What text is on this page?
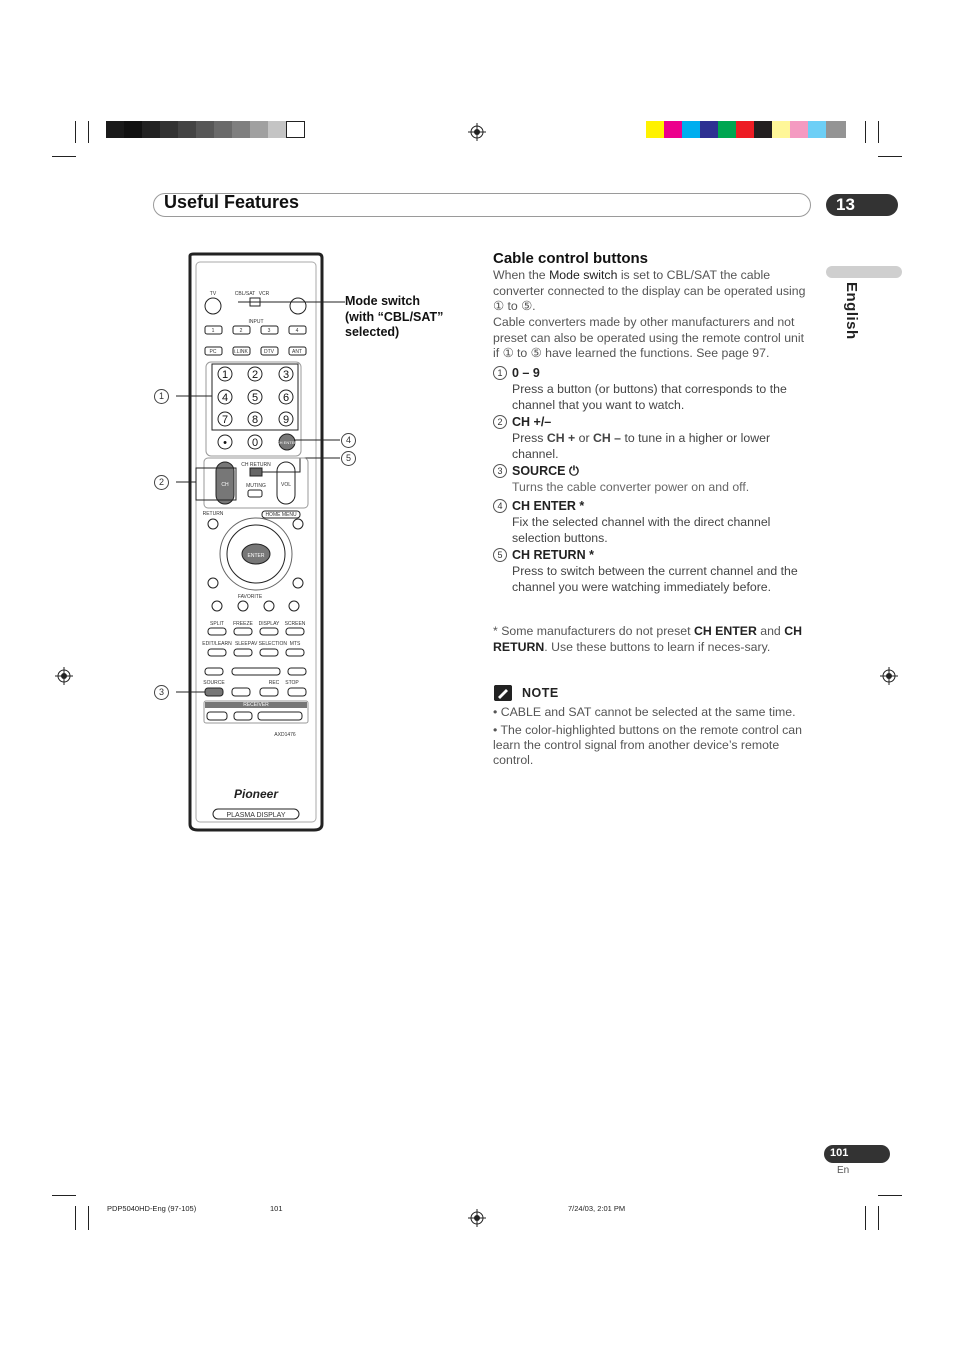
Useful Features	13
English
1 2 3
4 5 6
7 8 9
• 0
TV	CBL/SAT VCR
INPUT
1	2	3	4
PC	i.LINK	DTV	ANT
CH ENTER
CH RETURN
CH	VOL
MUTING
RETURN	HOME MENU
ENTER
FAVORITE
SPLIT FREEZE DISPLAY SCREEN
EDIT/LEARN SLEEP AV SELECTION MTS
SOURCE	REC STOP
RECEIVER
AXD1476
Pioneer
PLASMA DISPLAY
Mode switch
(with “CBL/SAT”
selected)
1
2
3
4
5
Cable control buttons
When the Mode switch is set to CBL/SAT the cable converter connected to the display can be operated using ① to ⑤.
Cable converters made by other manufacturers and not preset can also be operated using the remote control unit if ① to ⑤ have learned the functions. See page 97.
1 0 – 9
Press a button (or buttons) that corresponds to the channel that you want to watch.
2 CH +/–
Press CH + or CH – to tune in a higher or lower channel.
3 SOURCE ⏻
Turns the cable converter power on and off.
4 CH ENTER *
Fix the selected channel with the direct channel selection buttons.
5 CH RETURN *
Press to switch between the current channel and the channel you were watching immediately before.
* Some manufacturers do not preset CH ENTER and CH RETURN. Use these buttons to learn if neces-sary.
NOTE
• CABLE and SAT cannot be selected at the same time.
• The color-highlighted buttons on the remote control can learn the control signal from another device’s remote control.
101
En
PDP5040HD-Eng (97-105)	101	7/24/03, 2:01 PM
